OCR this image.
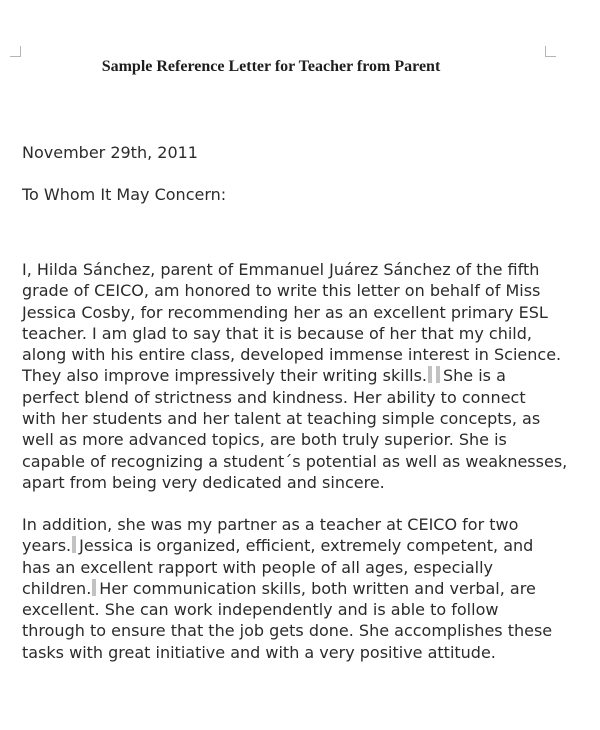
Sample Reference Letter for Teacher from Parent
November 29th, 2011
To Whom It May Concern:
I, Hilda Sánchez, parent of Emmanuel Juárez Sánchez of the fifth
grade of CEICO, am honored to write this letter on behalf of Miss
Jessica Cosby, for recommending her as an excellent primary ESL
teacher. I am glad to say that it is because of her that my child,
along with his entire class, developed immense interest in Science.
They also improve impressively their writing skills. She is a
perfect blend of strictness and kindness. Her ability to connect
with her students and her talent at teaching simple concepts, as
well as more advanced topics, are both truly superior. She is
capable of recognizing a student´s potential as well as weaknesses,
apart from being very dedicated and sincere.
In addition, she was my partner as a teacher at CEICO for two
years. Jessica is organized, efficient, extremely competent, and
has an excellent rapport with people of all ages, especially
children. Her communication skills, both written and verbal, are
excellent. She can work independently and is able to follow
through to ensure that the job gets done. She accomplishes these
tasks with great initiative and with a very positive attitude.
